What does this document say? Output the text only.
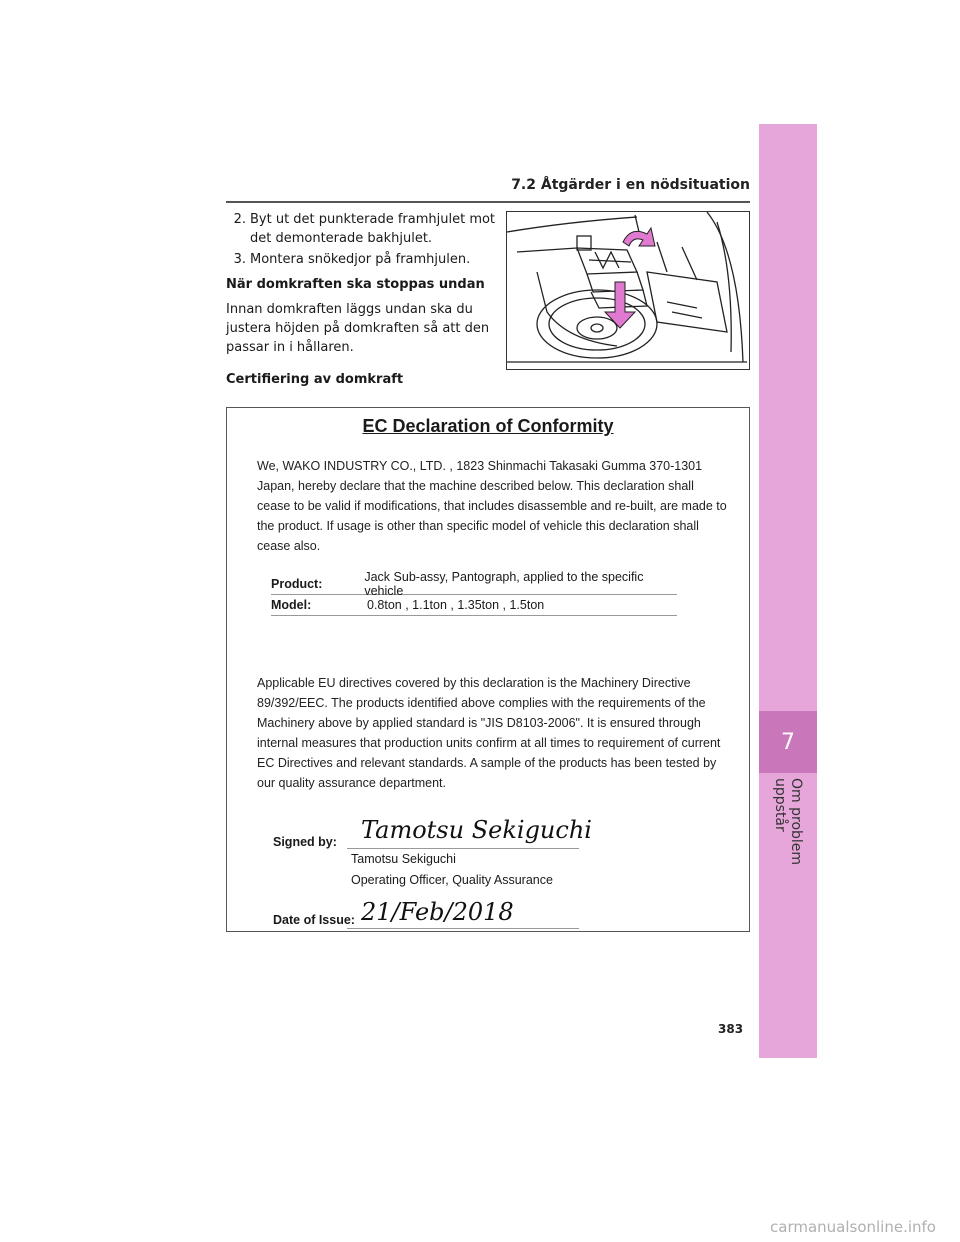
7
Om problem uppstår
7.2 Åtgärder i en nödsituation
2. Byt ut det punkterade framhjulet mot det demonterade bakhjulet.
3. Montera snökedjor på framhjulen.

När domkraften ska stoppas undan

Innan domkraften läggs undan ska du justera höjden på domkraften så att den passar in i hållaren.

Certifiering av domkraft
EC Declaration of Conformity
We, WAKO INDUSTRY CO., LTD. , 1823 Shinmachi Takasaki Gumma 370-1301 Japan, hereby declare that the machine described below. This declaration shall cease to be valid if modifications, that includes disassemble and re-built, are made to the product. If usage is other than specific model of vehicle this declaration shall cease also.
Product:	Jack Sub-assy, Pantograph, applied to the specific vehicle
Model:	0.8ton , 1.1ton , 1.35ton , 1.5ton
Applicable EU directives covered by this declaration is the Machinery Directive 89/392/EEC. The products identified above complies with the requirements of the Machinery above by applied standard is "JIS D8103-2006". It is ensured through internal measures that production units confirm at all times to requirement of current EC Directives and relevant standards. A sample of the products has been tested by our quality assurance department.
Signed by: Tamotsu Sekiguchi
Tamotsu Sekiguchi
Operating Officer, Quality Assurance
Date of Issue: 21/Feb/2018
383
carmanualsonline.info
